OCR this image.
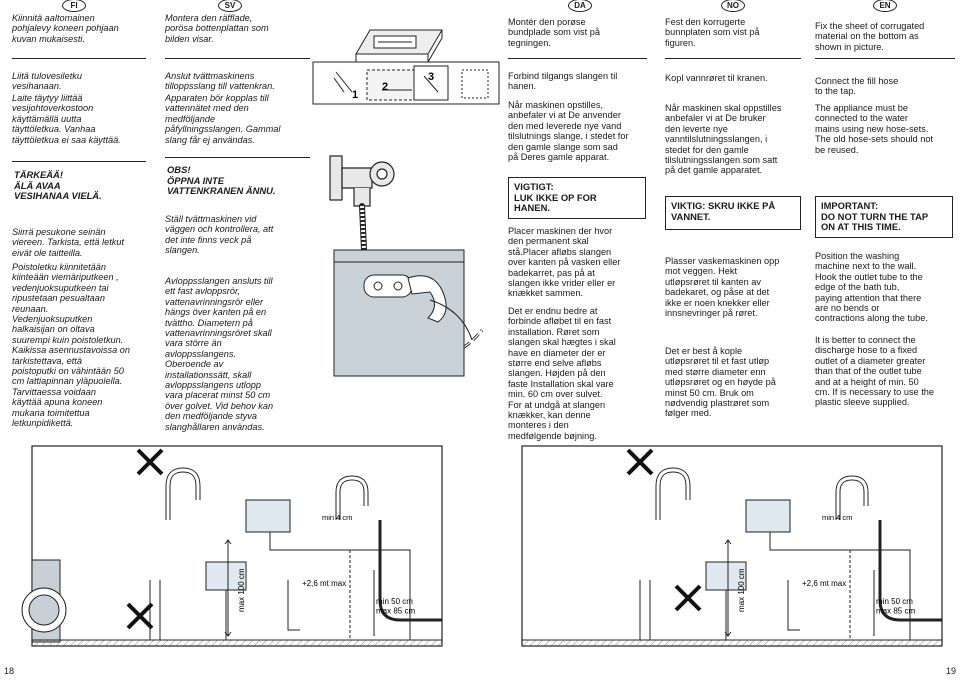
FI
Kiinnitä aaltomainen
pohjalevy koneen pohjaan
kuvan mukaisesti.
Liitä tulovesiletku
vesihanaan.
Laite täytyy liittää
vesijohtoverkostoon
käyttämällä uutta
täyttöletkua. Vanhaa
täyttöletkua ei saa käyttää.
TÄRKEÄÄ!
ÄLÄ AVAA
VESIHANAA VIELÄ.
Siirrä pesukone seinän
viereen. Tarkista, että letkut
eivät ole taitteilla.
Poistoletku kiinnitetään
kiinteään viemäriputkeen ,
vedenjuoksuputkeen tai
ripustetaan pesualtaan
reunaan.
Vedenjuoksuputken
halkaisijan on oltava
suurempi kuin poistoletkun.
Kaikissa asennustavoissa on
tarkistettava, että
poistoputki on vähintään 50
cm lattiapinnan yläpuolella.
Tarvittaessa voidaan
käyttää apuna koneen
mukana toimitettua
letkunpidikettä.
SV
Montera den räfflade,
porösa bottenplattan som
bilden visar.
Anslut tvättmaskinens
tilloppsslang till vattenkran.
Apparaten bör kopplas till
vattennätet med den
medföljande
påfyllningsslangen. Gammal
slang får ej användas.
OBS!
ÖPPNA INTE
VATTENKRANEN ÄNNU.
Ställ tvättmaskinen vid
väggen och kontrollera, att
det inte finns veck på
slangen.
Avloppsslangen ansluts till
ett fast avloppsrör,
vattenavrinningsrör eller
hängs över kanten på en
tvättho. Diametern på
vattenavrinningsröret skall
vara större än
avloppsslangens.
Oberoende av
installationssätt, skall
avloppsslangens utlopp
vara placerat minst 50 cm
över golvet. Vid behov kan
den medföljande styva
slanghållaren användas.
1
2
3
DA
Montér den porøse
bundplade som vist på
tegningen.
Forbind tilgangs slangen til
hanen.
Når maskinen opstilles,
anbefaler vi at De anvender
den med leverede nye vand
tilslutnings slange, i stedet for
den gamle slange som sad
på Deres gamle apparat.
VIGTIGT:
LUK IKKE OP FOR
HANEN.
Placer maskinen der hvor
den permanent skal
stå.Placer afløbs slangen
over kanten på vasken eller
badekarret, pas på at
slangen ikke vrider eller er
knækket sammen.
Det er endnu bedre at
forbinde afløbet til en fast
installation. Røret som
slangen skal hægtes i skal
have en diameter der er
større end selve afløbs
slangen. Højden på den
faste Installation skal vare
min. 60 cm over sulvet.
For at undgå at slangen
knækker, kan denne
monteres i den
medfølgende bøjning.
NO
Fest den korrugerte
bunnplaten som vist på
figuren.
Kopl vannrøret til kranen.
Når maskinen skal oppstilles
anbefaler vi at De bruker
den leverte nye
vanntilslutningsslangen, i
stedet for den gamle
tilslutningsslangen som satt
på det gamle apparatet.
VIKTIG: SKRU IKKE PÅ
VANNET.
Plasser vaskemaskinen opp
mot veggen. Hekt
utløpsrøret til kanten av
badekaret, og påse at det
ikke er noen knekker eller
innsnevringer på røret.
Det er best å kople
utløpsrøret til et fast utløp
med større diameter enn
utløpsrøret og en høyde på
minst 50 cm. Bruk om
nødvendig plastrøret som
følger med.
EN
Fix the sheet of corrugated
material on the bottom as
shown in picture.
Connect the fill hose
to the tap.
The appliance must be
connected to the water
mains using new hose-sets.
The old hose-sets should not
be reused.
IMPORTANT:
DO NOT TURN THE TAP
ON AT THIS TIME.
Position the washing
machine next to the wall.
Hook the outlet tube to the
edge of the bath tub,
paying attention that there
are no bends or
contractions along the tube.
It is better to connect the
discharge hose to a fixed
outlet of a diameter greater
than that of the outlet tube
and at a height of min. 50
cm. If is necessary to use the
plastic sleeve supplied.
min 4 cm
max 100 cm	+2,6 mt max
min 50 cm max 85 cm
min 4 cm
max 100 cm	+2,6 mt max
min 50 cm max 85 cm
18	19
